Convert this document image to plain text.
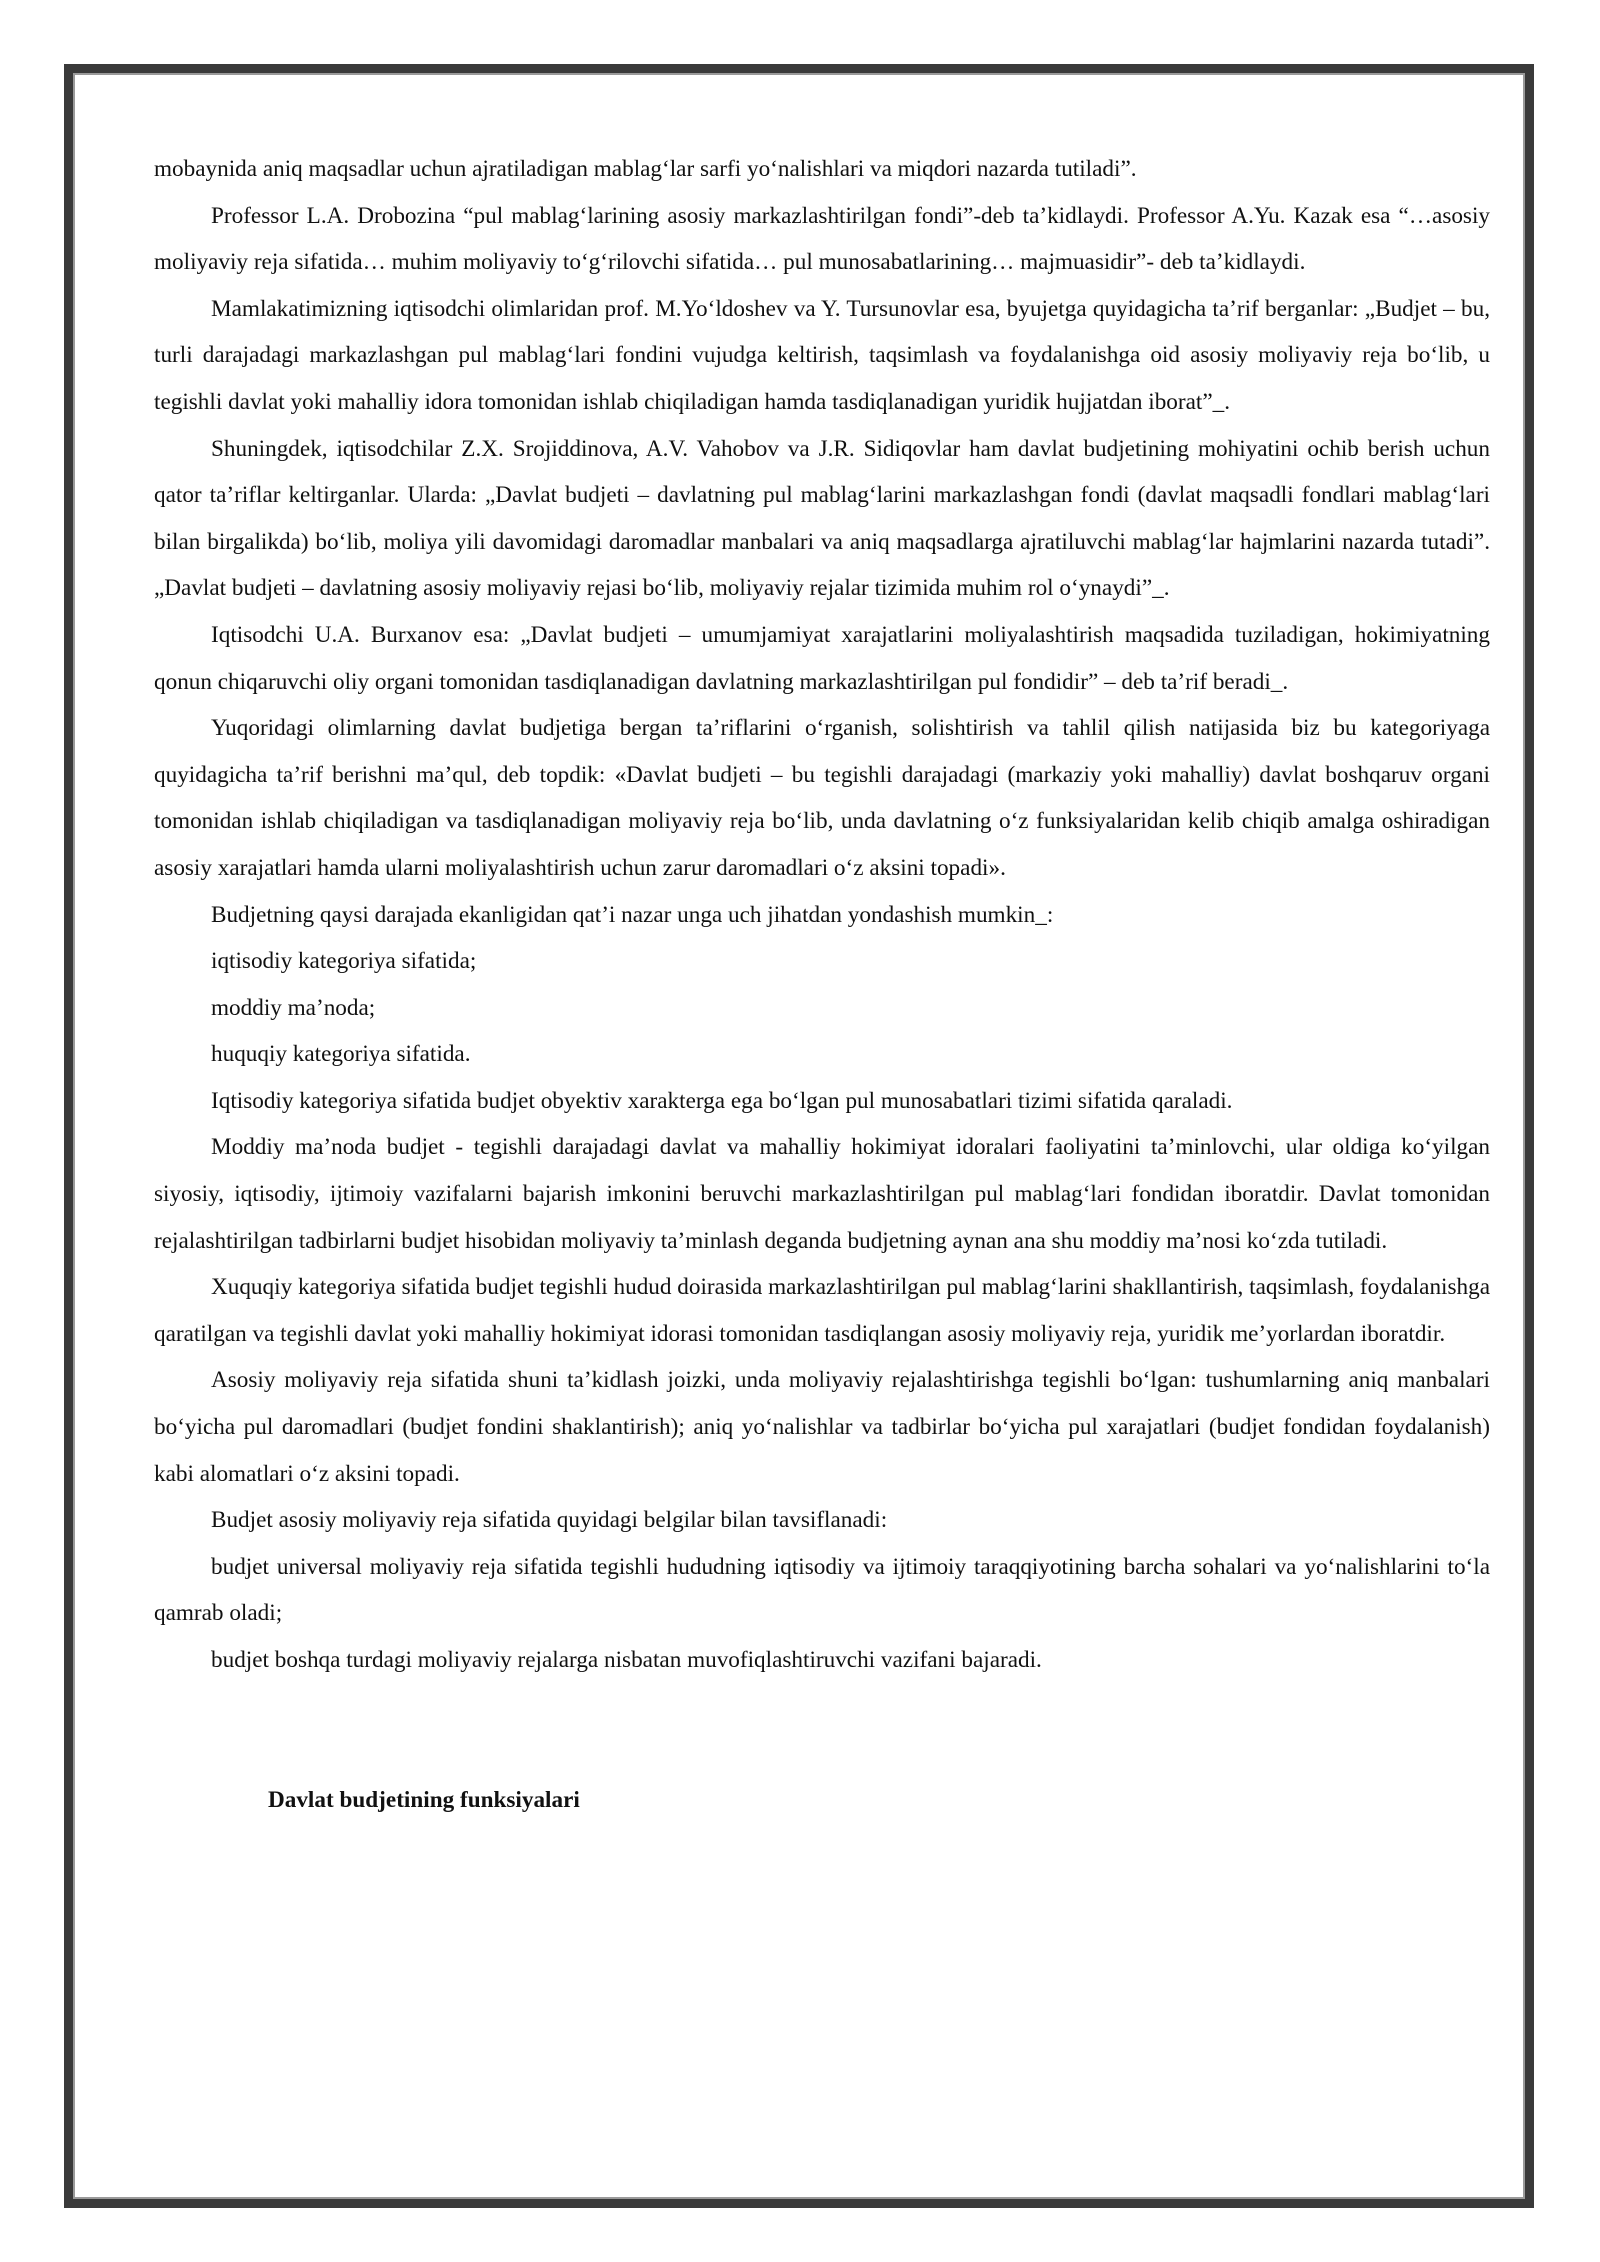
mobaynida aniq maqsadlar uchun ajratiladigan mablag‘lar sarfi yo‘nalishlari va miqdori nazarda tutiladi”.

Professor L.A. Drobozina “pul mablag‘larining asosiy markazlashtirilgan fondi”-deb ta’kidlaydi. Professor A.Yu. Kazak esa “…asosiy moliyaviy reja sifatida… muhim moliyaviy to‘g‘rilovchi sifatida… pul munosabatlarining… majmuasidir”- deb ta’kidlaydi.

Mamlakatimizning iqtisodchi olimlaridan prof. M.Yo‘ldoshev va Y. Tursunovlar esa, byujetga quyidagicha ta’rif berganlar: „Budjet – bu, turli darajadagi markazlashgan pul mablag‘lari fondini vujudga keltirish, taqsimlash va foydalanishga oid asosiy moliyaviy reja bo‘lib, u tegishli davlat yoki mahalliy idora tomonidan ishlab chiqiladigan hamda tasdiqlanadigan yuridik hujjatdan iborat”_.

Shuningdek, iqtisodchilar Z.X. Srojiddinova, A.V. Vahobov va J.R. Sidiqovlar ham davlat budjetining mohiyatini ochib berish uchun qator ta’riflar keltirganlar. Ularda: „Davlat budjeti – davlatning pul mablag‘larini markazlashgan fondi (davlat maqsadli fondlari mablag‘lari bilan birgalikda) bo‘lib, moliya yili davomidagi daromadlar manbalari va aniq maqsadlarga ajratiluvchi mablag‘lar hajmlarini nazarda tutadi”. „Davlat budjeti – davlatning asosiy moliyaviy rejasi bo‘lib, moliyaviy rejalar tizimida muhim rol o‘ynaydi”_.

Iqtisodchi U.A. Burxanov esa: „Davlat budjeti – umumjamiyat xarajatlarini moliyalashtirish maqsadida tuziladigan, hokimiyatning qonun chiqaruvchi oliy organi tomonidan tasdiqlanadigan davlatning markazlashtirilgan pul fondidir” – deb ta’rif beradi_.

Yuqoridagi olimlarning davlat budjetiga bergan ta’riflarini o‘rganish, solishtirish va tahlil qilish natijasida biz bu kategoriyaga quyidagicha ta’rif berishni ma’qul, deb topdik: «Davlat budjeti – bu tegishli darajadagi (markaziy yoki mahalliy) davlat boshqaruv organi tomonidan ishlab chiqiladigan va tasdiqlanadigan moliyaviy reja bo‘lib, unda davlatning o‘z funksiyalaridan kelib chiqib amalga oshiradigan asosiy xarajatlari hamda ularni moliyalashtirish uchun zarur daromadlari o‘z aksini topadi».

Budjetning qaysi darajada ekanligidan qat’i nazar unga uch jihatdan yondashish mumkin_:

iqtisodiy kategoriya sifatida;

moddiy ma’noda;

huquqiy kategoriya sifatida.

Iqtisodiy kategoriya sifatida budjet obyektiv xarakterga ega bo‘lgan pul munosabatlari tizimi sifatida qaraladi.

Moddiy ma’noda budjet - tegishli darajadagi davlat va mahalliy hokimiyat idoralari faoliyatini ta’minlovchi, ular oldiga ko‘yilgan siyosiy, iqtisodiy, ijtimoiy vazifalarni bajarish imkonini beruvchi markazlashtirilgan pul mablag‘lari fondidan iboratdir. Davlat tomonidan rejalashtirilgan tadbirlarni budjet hisobidan moliyaviy ta’minlash deganda budjetning aynan ana shu moddiy ma’nosi ko‘zda tutiladi.

Xuquqiy kategoriya sifatida budjet tegishli hudud doirasida markazlashtirilgan pul mablag‘larini shakllantirish, taqsimlash, foydalanishga qaratilgan va tegishli davlat yoki mahalliy hokimiyat idorasi tomonidan tasdiqlangan asosiy moliyaviy reja, yuridik me’yorlardan iboratdir.

Asosiy moliyaviy reja sifatida shuni ta’kidlash joizki, unda moliyaviy rejalashtirishga tegishli bo‘lgan: tushumlarning aniq manbalari bo‘yicha pul daromadlari (budjet fondini shaklantirish); aniq yo‘nalishlar va tadbirlar bo‘yicha pul xarajatlari (budjet fondidan foydalanish) kabi alomatlari o‘z aksini topadi.

Budjet asosiy moliyaviy reja sifatida quyidagi belgilar bilan tavsiflanadi:

budjet universal moliyaviy reja sifatida tegishli hududning iqtisodiy va ijtimoiy taraqqiyotining barcha sohalari va yo‘nalishlarini to‘la qamrab oladi;

budjet boshqa turdagi moliyaviy rejalarga nisbatan muvofiqlashtiruvchi vazifani bajaradi.

Davlat budjetining funksiyalari
